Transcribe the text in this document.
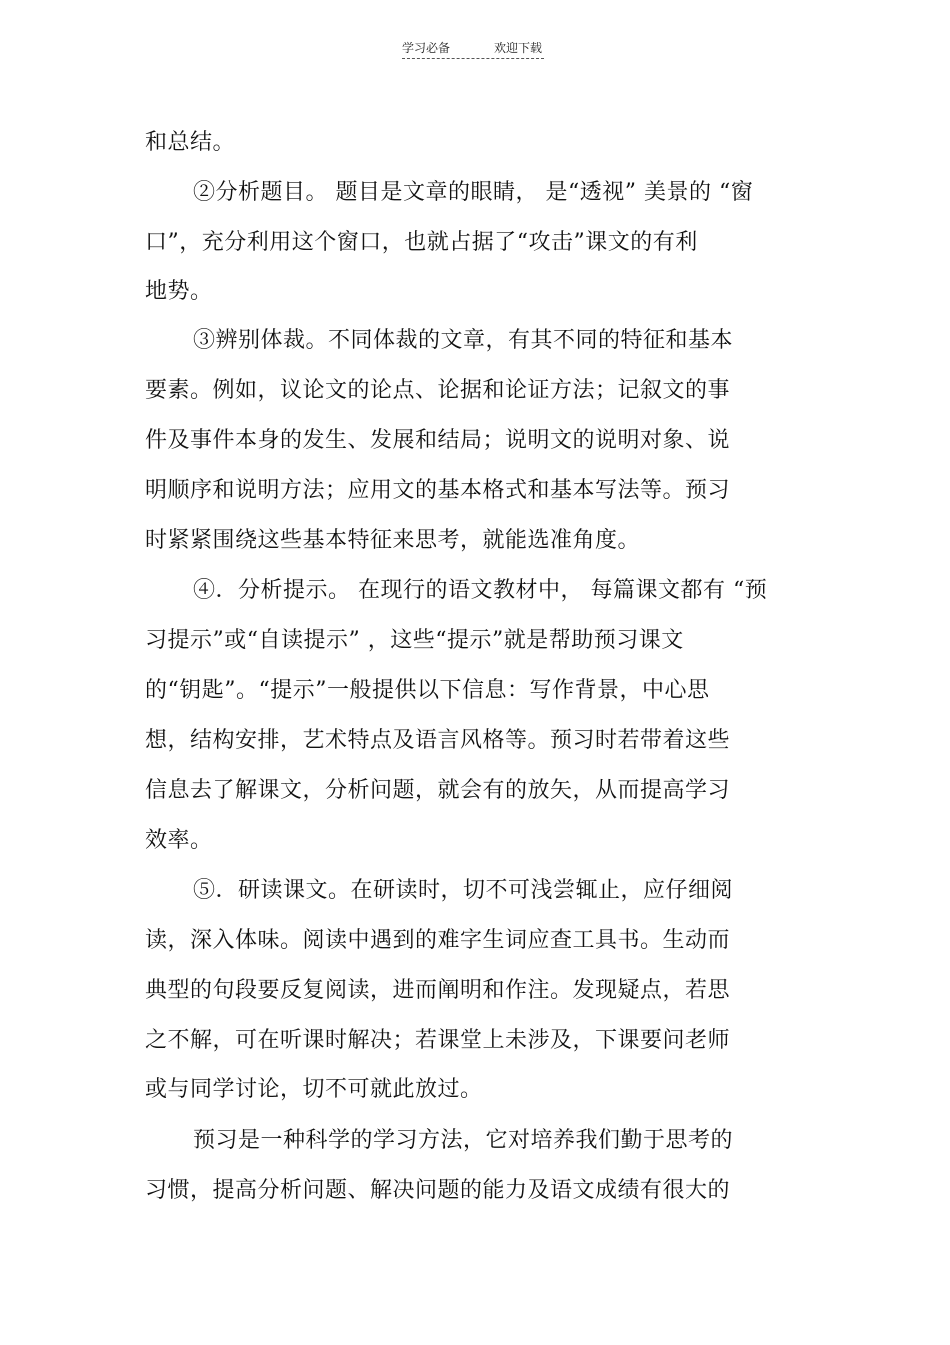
学习必备	欢迎下载
和总结。
②分析题目。 题目是文章的眼睛， 是“透视” 美景的 “窗
口”，充分利用这个窗口，也就占据了“攻击”课文的有利
地势。
③辨别体裁。不同体裁的文章，有其不同的特征和基本
要素。例如，议论文的论点、论据和论证方法；记叙文的事
件及事件本身的发生、发展和结局；说明文的说明对象、说
明顺序和说明方法；应用文的基本格式和基本写法等。预习
时紧紧围绕这些基本特征来思考，就能选准角度。
④．分析提示。 在现行的语文教材中， 每篇课文都有 “预
习提示”或“自读提示” ，这些“提示”就是帮助预习课文
的“钥匙”。“提示”一般提供以下信息：写作背景，中心思
想，结构安排，艺术特点及语言风格等。预习时若带着这些
信息去了解课文，分析问题，就会有的放矢，从而提高学习
效率。
⑤．研读课文。在研读时，切不可浅尝辄止，应仔细阅
读，深入体味。阅读中遇到的难字生词应查工具书。生动而
典型的句段要反复阅读，进而阐明和作注。发现疑点，若思
之不解，可在听课时解决；若课堂上未涉及，下课要问老师
或与同学讨论，切不可就此放过。
预习是一种科学的学习方法，它对培养我们勤于思考的
习惯，提高分析问题、解决问题的能力及语文成绩有很大的
